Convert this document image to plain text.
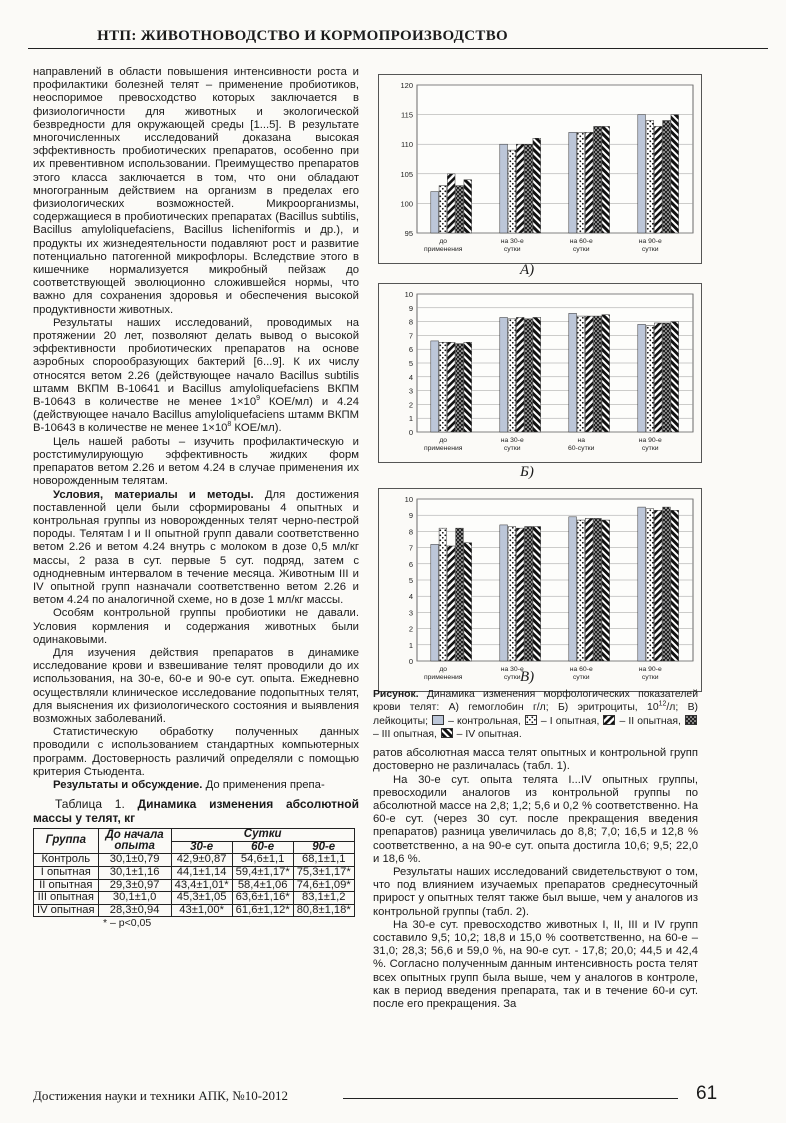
НТП: ЖИВОТНОВОДСТВО И КОРМОПРОИЗВОДСТВО

направлений в области повышения интенсивности роста и профилактики болезней телят – применение пробиотиков, неоспоримое превосходство которых заключается в физиологичности для животных и экологической безвредности для окружающей среды [1...5]. В результате многочисленных исследований доказана высокая эффективность пробиотических препаратов, особенно при их превентивном использовании. Преимущество препаратов этого класса заключается в том, что они обладают многогранным действием на организм в пределах его физиологических возможностей. Микроорганизмы, содержащиеся в пробиотических препаратах (Bacillus subtilis, Bacillus amyloliquefaciens, Bacillus licheniformis и др.), и продукты их жизнедеятельности подавляют рост и развитие потенциально патогенной микрофлоры. Вследствие этого в кишечнике нормализуется микробный пейзаж до соответствующей эволюционно сложившейся нормы, что важно для сохранения здоровья и обеспечения высокой продуктивности животных.

Результаты наших исследований, проводимых на протяжении 20 лет, позволяют делать вывод о высокой эффективности пробиотических препаратов на основе аэробных спорообразующих бактерий [6...9]. К их числу относятся ветом 2.26 (действующее начало Bacillus subtilis штамм ВКПМ В-10641 и Bacillus amyloliquefaciens ВКПМ В-10643 в количестве не менее $1\times 10^9$ КОЕ/мл) и 4.24 (действующее начало Bacillus amyloliquefaciens штамм ВКПМ В-10643 в количестве не менее $1\times 10^8$ КОЕ/мл).

Цель нашей работы – изучить профилактическую и ростстимулирующую эффективность жидких форм препаратов ветом 2.26 и ветом 4.24 в случае применения их новорожденным телятам.

Условия, материалы и методы. Для достижения поставленной цели были сформированы 4 опытных и контрольная группы из новорожденных телят черно-пестрой породы. Телятам I и II опытной групп давали соответственно ветом 2.26 и ветом 4.24 внутрь с молоком в дозе 0,5 мл/кг массы, 2 раза в сут. первые 5 сут. подряд, затем с однодневным интервалом в течение месяца. Животным III и IV опытной групп назначали соответственно ветом 2.26 и ветом 4.24 по аналогичной схеме, но в дозе 1 мл/кг массы.

Особям контрольной группы пробиотики не давали. Условия кормления и содержания животных были одинаковыми.

Для изучения действия препаратов в динамике исследование крови и взвешивание телят проводили до их использования, на 30-е, 60-е и 90-е сут. опыта. Ежедневно осуществляли клиническое исследование подопытных телят, для выяснения их физиологического состояния и выявления возможных заболеваний.

Статистическую обработку полученных данных проводили с использованием стандартных компьютерных программ. Достоверность различий определяли с помощью критерия Стьюдента.

Результаты и обсуждение. До применения препа-

Таблица 1. Динамика изменения абсолютной массы у телят, кг
Группа	До начала опыта	Сутки		
		30-е	60-е	90-е
Контроль	30,1±0,79	42,9±0,87	54,6±1,1	68,1±1,1
I опытная	30,1±1,16	44,1±1,14	59,4±1,17*	75,3±1,17*
II опытная	29,3±0,97	43,4±1,01*	58,4±1,06	74,6±1,09*
III опытная	30,1±1,0	45,3±1,05	63,6±1,16*	83,1±1,2
IV опытная	28,3±0,94	43±1,00*	61,6±1,12*	80,8±1,18*
* – p<0,05
95
100
105
110
115
120
до
применения
на 30-е
сутки
на 60-е
сутки
на 90-е
сутки
А)
0
1
2
3
4
5
6
7
8
9
10
до
применения
на 30-е
сутки
на
60-сутки
на 90-е
сутки
Б)
0
1
2
3
4
5
6
7
8
9
10
до
применения
на 30-е
сутки
на 60-е
сутки
на 90-е
сутки
В)
Рисунок. Динамика изменения морфологических показателей крови телят: А) гемоглобин г/л; Б) эритроциты, $10^{12}/л$; В) лейкоциты;  – контрольная,  – I опытная,  – II опытная,  – III опытная,  – IV опытная.

ратов абсолютная масса телят опытных и контрольной групп достоверно не различалась (табл. 1).

На 30-е сут. опыта телята I...IV опытных группы, превосходили аналогов из контрольной группы по абсолютной массе на 2,8; 1,2; 5,6 и 0,2 % соответственно. На 60-е сут. (через 30 сут. после прекращения введения препаратов) разница увеличилась до 8,8; 7,0; 16,5 и 12,8 % соответственно, а на 90-е сут. опыта достигла 10,6; 9,5; 22,0 и 18,6 %.

Результаты наших исследований свидетельствуют о том, что под влиянием изучаемых препаратов среднесуточный прирост у опытных телят также был выше, чем у аналогов из контрольной группы (табл. 2).

На 30-е сут. превосходство животных I, II, III и IV групп составило 9,5; 10,2; 18,8 и 15,0 % соответственно, на 60-е – 31,0; 28,3; 56,6 и 59,0 %, на 90-е сут. - 17,8; 20,0; 44,5 и 42,4 %. Согласно полученным данным интенсивность роста телят всех опытных групп была выше, чем у аналогов в контроле, как в период введения препарата, так и в течение 60-и сут. после его прекращения. За

Достижения науки и техники АПК, №10-2012	61
